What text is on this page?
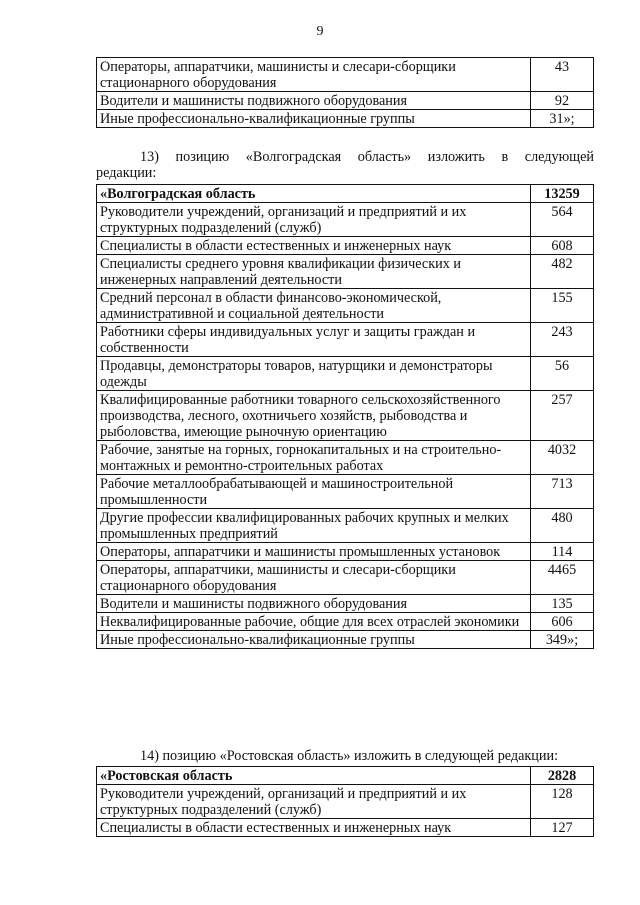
9
Операторы, аппаратчики, машинисты и слесари-сборщики стационарного оборудования	43
Водители и машинисты подвижного оборудования	92
Иные профессионально-квалификационные группы	31»;
13) позицию «Волгоградская область» изложить в следующей
редакции:
«Волгоградская область	13259
Руководители учреждений, организаций и предприятий и их структурных подразделений (служб)	564
Специалисты в области естественных и инженерных наук	608
Специалисты среднего уровня квалификации физических и инженерных направлений деятельности	482
Средний персонал в области финансово-экономической, административной и социальной деятельности	155
Работники сферы индивидуальных услуг и защиты граждан и собственности	243
Продавцы, демонстраторы товаров, натурщики и демонстраторы одежды	56
Квалифицированные работники товарного сельскохозяйственного производства, лесного, охотничьего хозяйств, рыбоводства и рыболовства, имеющие рыночную ориентацию	257
Рабочие, занятые на горных, горнокапитальных и на строительно-монтажных и ремонтно-строительных работах	4032
Рабочие металлообрабатывающей и машиностроительной промышленности	713
Другие профессии квалифицированных рабочих крупных и мелких промышленных предприятий	480
Операторы, аппаратчики и машинисты промышленных установок	114
Операторы, аппаратчики, машинисты и слесари-сборщики стационарного оборудования	4465
Водители и машинисты подвижного оборудования	135
Неквалифицированные рабочие, общие для всех отраслей экономики	606
Иные профессионально-квалификационные группы	349»;
14) позицию «Ростовская область» изложить в следующей редакции:
«Ростовская область	2828
Руководители учреждений, организаций и предприятий и их структурных подразделений (служб)	128
Специалисты в области естественных и инженерных наук	127
